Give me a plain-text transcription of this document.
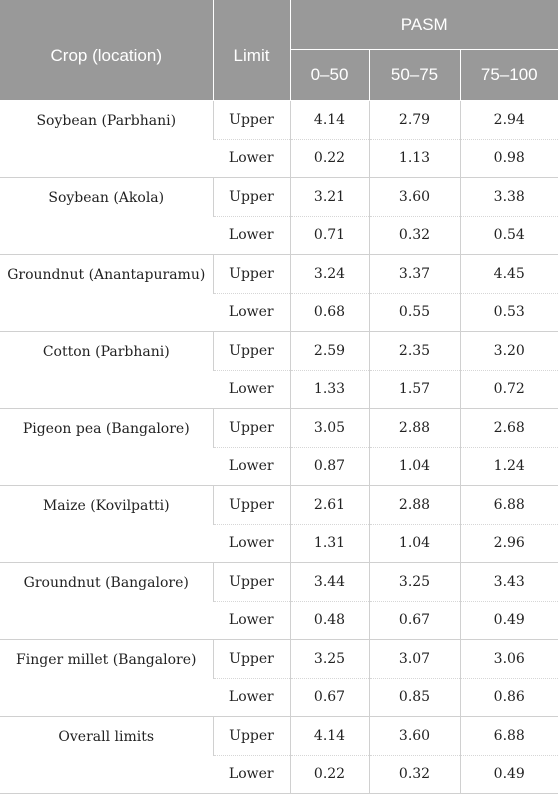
Crop (location)	Limit	PASM		
		0–50	50–75	75–100
Soybean (Parbhani)	Upper	4.14	2.79	2.94
	Lower	0.22	1.13	0.98
Soybean (Akola)	Upper	3.21	3.60	3.38
	Lower	0.71	0.32	0.54
Groundnut (Anantapuramu)	Upper	3.24	3.37	4.45
	Lower	0.68	0.55	0.53
Cotton (Parbhani)	Upper	2.59	2.35	3.20
	Lower	1.33	1.57	0.72
Pigeon pea (Bangalore)	Upper	3.05	2.88	2.68
	Lower	0.87	1.04	1.24
Maize (Kovilpatti)	Upper	2.61	2.88	6.88
	Lower	1.31	1.04	2.96
Groundnut (Bangalore)	Upper	3.44	3.25	3.43
	Lower	0.48	0.67	0.49
Finger millet (Bangalore)	Upper	3.25	3.07	3.06
	Lower	0.67	0.85	0.86
Overall limits	Upper	4.14	3.60	6.88
	Lower	0.22	0.32	0.49
